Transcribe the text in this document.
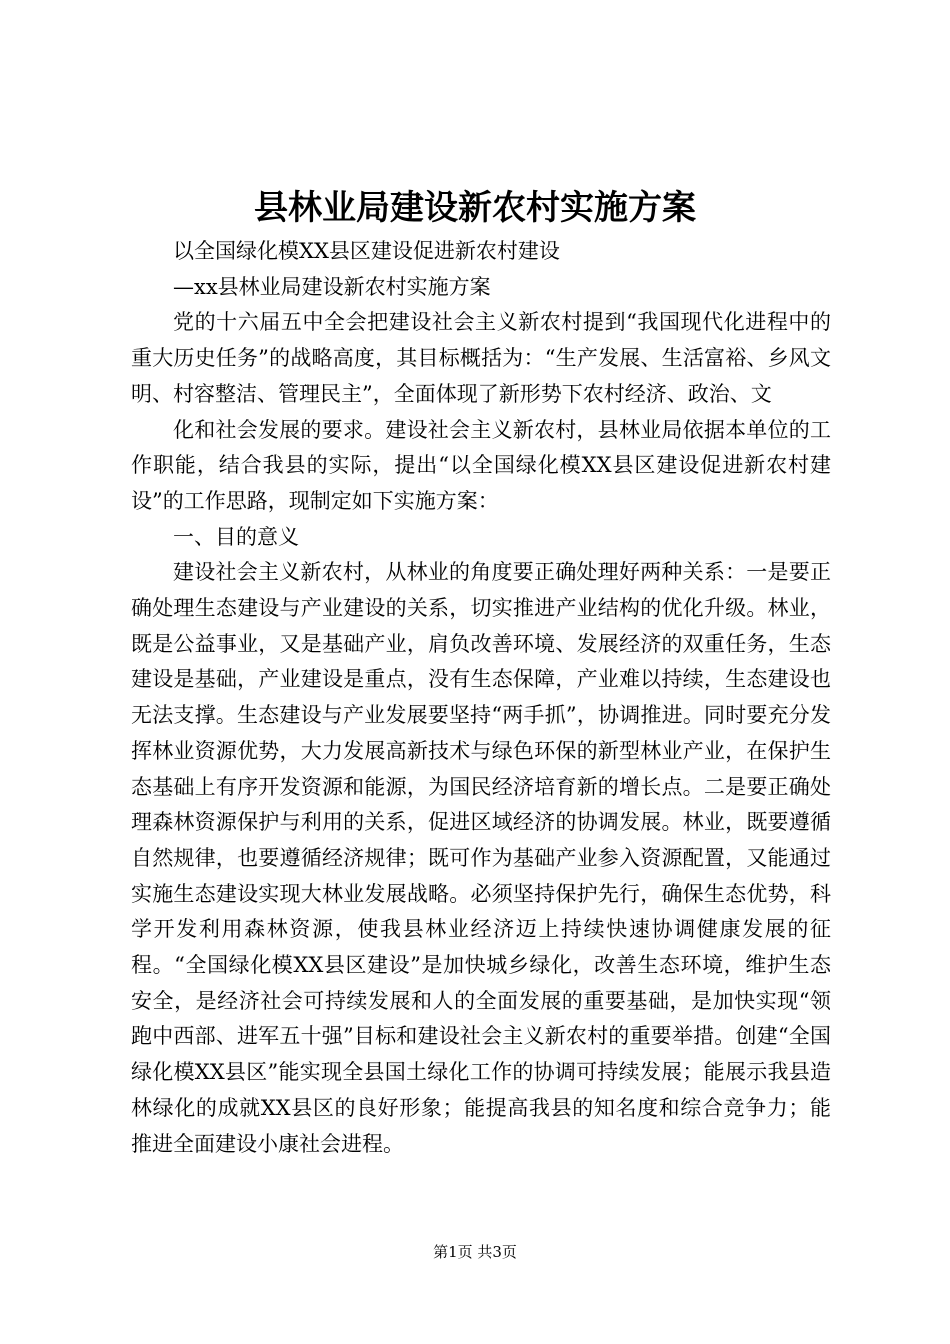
县林业局建设新农村实施方案

以全国绿化模XX县区建设促进新农村建设

—xx县林业局建设新农村实施方案

党的十六届五中全会把建设社会主义新农村提到“我国现代化进程中的重大历史任务”的战略高度，其目标概括为：“生产发展、生活富裕、乡风文明、村容整洁、管理民主”，全面体现了新形势下农村经济、政治、文

化和社会发展的要求。建设社会主义新农村，县林业局依据本单位的工作职能，结合我县的实际，提出“以全国绿化模XX县区建设促进新农村建设”的工作思路，现制定如下实施方案：

一、目的意义

建设社会主义新农村，从林业的角度要正确处理好两种关系：一是要正确处理生态建设与产业建设的关系，切实推进产业结构的优化升级。林业，既是公益事业，又是基础产业，肩负改善环境、发展经济的双重任务，生态建设是基础，产业建设是重点，没有生态保障，产业难以持续，生态建设也无法支撑。生态建设与产业发展要坚持“两手抓”，协调推进。同时要充分发挥林业资源优势，大力发展高新技术与绿色环保的新型林业产业，在保护生态基础上有序开发资源和能源，为国民经济培育新的增长点。二是要正确处理森林资源保护与利用的关系，促进区域经济的协调发展。林业，既要遵循自然规律，也要遵循经济规律；既可作为基础产业参入资源配置，又能通过实施生态建设实现大林业发展战略。必须坚持保护先行，确保生态优势，科学开发利用森林资源，使我县林业经济迈上持续快速协调健康发展的征程。“全国绿化模XX县区建设”是加快城乡绿化，改善生态环境，维护生态安全，是经济社会可持续发展和人的全面发展的重要基础，是加快实现“领跑中西部、进军五十强”目标和建设社会主义新农村的重要举措。创建“全国绿化模XX县区”能实现全县国土绿化工作的协调可持续发展；能展示我县造林绿化的成就XX县区的良好形象；能提高我县的知名度和综合竞争力；能推进全面建设小康社会进程。

第1页 共3页
